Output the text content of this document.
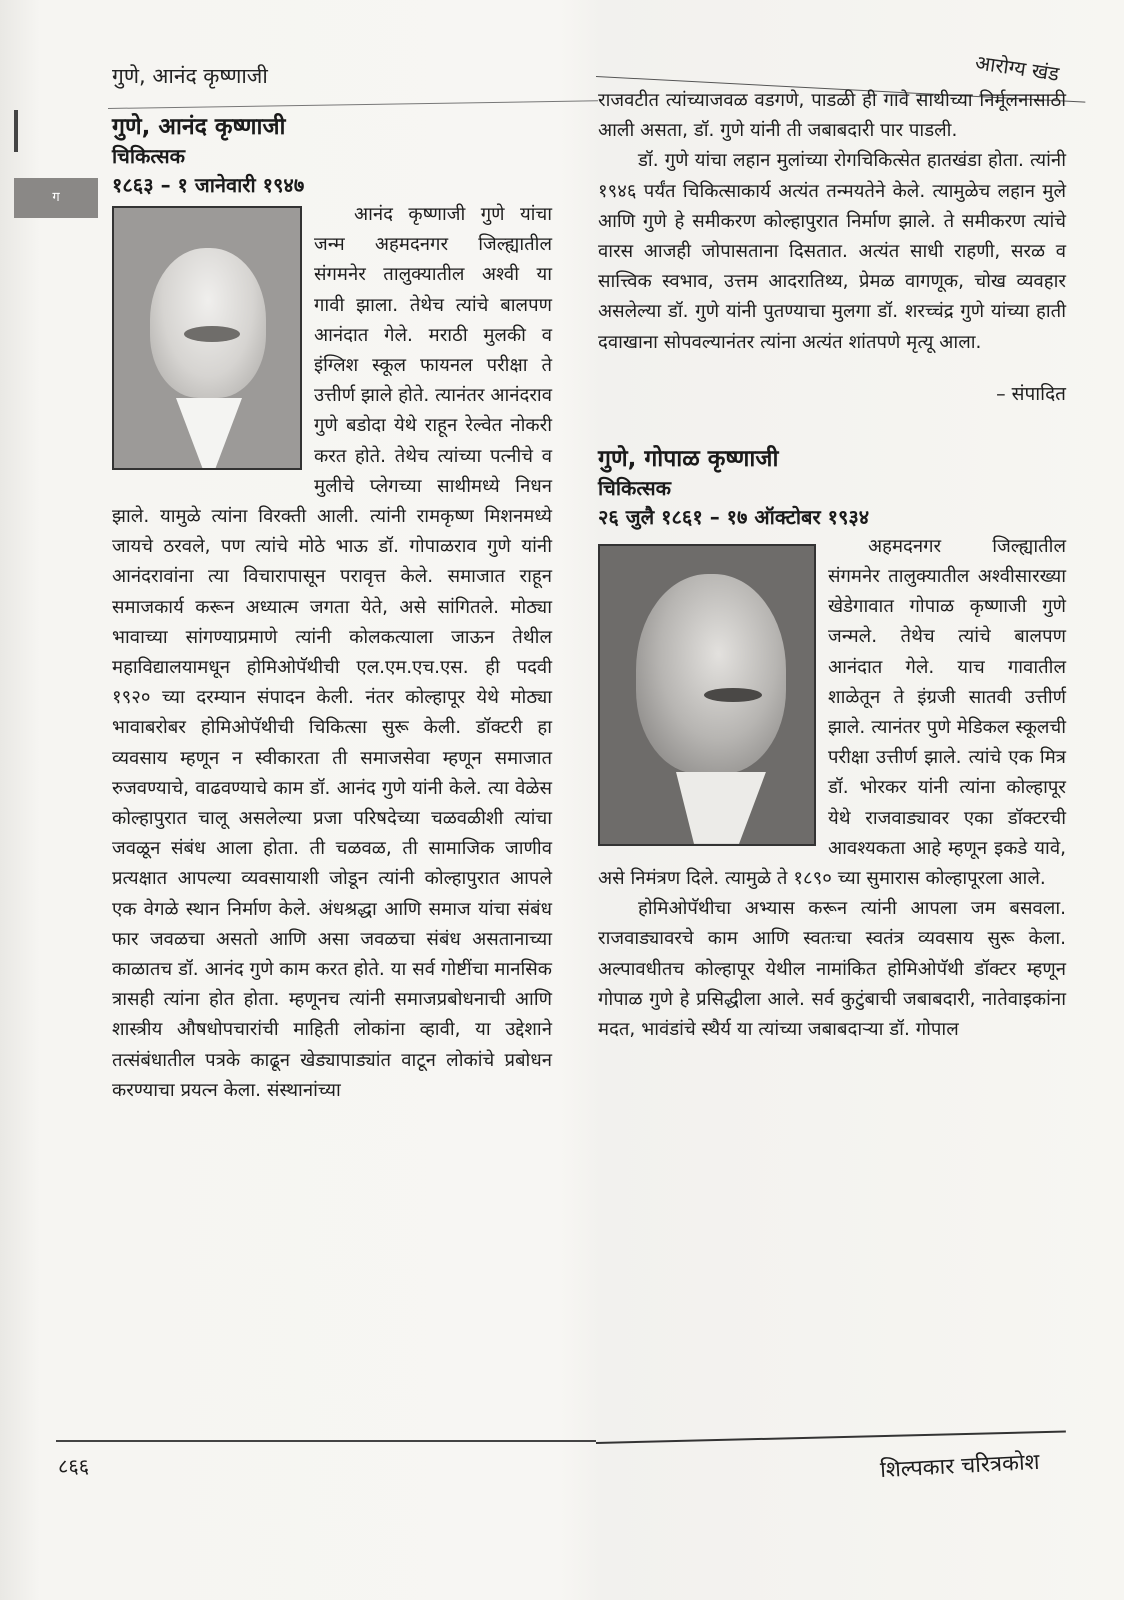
ग
गुणे, आनंद कृष्णाजी	आरोग्य खंड
गुणे, आनंद कृष्णाजी
चिकित्सक
१८६३ – १ जानेवारी १९४७

आनंद कृष्णाजी गुणे यांचा जन्म अहमदनगर जिल्ह्यातील संगमनेर तालुक्यातील अश्वी या गावी झाला. तेथेच त्यांचे बालपण आनंदात गेले. मराठी मुलकी व इंग्लिश स्कूल फायनल परीक्षा ते उत्तीर्ण झाले होते. त्यानंतर आनंदराव गुणे बडोदा येथे राहून रेल्वेत नोकरी करत होते. तेथेच त्यांच्या पत्नीचे व मुलीचे प्लेगच्या साथीमध्ये निधन झाले. यामुळे त्यांना विरक्ती आली. त्यांनी रामकृष्ण मिशनमध्ये जायचे ठरवले, पण त्यांचे मोठे भाऊ डॉ. गोपाळराव गुणे यांनी आनंदरावांना त्या विचारापासून परावृत्त केले. समाजात राहून समाजकार्य करून अध्यात्म जगता येते, असे सांगितले. मोठ्या भावाच्या सांगण्याप्रमाणे त्यांनी कोलकत्याला जाऊन तेथील महाविद्यालयामधून होमिओपॅथीची एल.एम.एच.एस. ही पदवी १९२० च्या दरम्यान संपादन केली. नंतर कोल्हापूर येथे मोठ्या भावाबरोबर होमिओपॅथीची चिकित्सा सुरू केली. डॉक्टरी हा व्यवसाय म्हणून न स्वीकारता ती समाजसेवा म्हणून समाजात रुजवण्याचे, वाढवण्याचे काम डॉ. आनंद गुणे यांनी केले. त्या वेळेस कोल्हापुरात चालू असलेल्या प्रजा परिषदेच्या चळवळीशी त्यांचा जवळून संबंध आला होता. ती चळवळ, ती सामाजिक जाणीव प्रत्यक्षात आपल्या व्यवसायाशी जोडून त्यांनी कोल्हापुरात आपले एक वेगळे स्थान निर्माण केले. अंधश्रद्धा आणि समाज यांचा संबंध फार जवळचा असतो आणि असा जवळचा संबंध असतानाच्या काळातच डॉ. आनंद गुणे काम करत होते. या सर्व गोष्टींचा मानसिक त्रासही त्यांना होत होता. म्हणूनच त्यांनी समाजप्रबोधनाची आणि शास्त्रीय औषधोपचारांची माहिती लोकांना व्हावी, या उद्देशाने तत्संबंधातील पत्रके काढून खेड्यापाड्यांत वाटून लोकांचे प्रबोधन करण्याचा प्रयत्न केला. संस्थानांच्या

राजवटीत त्यांच्याजवळ वडगणे, पाडळी ही गावे साथीच्या निर्मूलनासाठी आली असता, डॉ. गुणे यांनी ती जबाबदारी पार पाडली.

डॉ. गुणे यांचा लहान मुलांच्या रोगचिकित्सेत हातखंडा होता. त्यांनी १९४६ पर्यंत चिकित्साकार्य अत्यंत तन्मयतेने केले. त्यामुळेच लहान मुले आणि गुणे हे समीकरण कोल्हापुरात निर्माण झाले. ते समीकरण त्यांचे वारस आजही जोपासताना दिसतात. अत्यंत साधी राहणी, सरळ व सात्त्विक स्वभाव, उत्तम आदरातिथ्य, प्रेमळ वागणूक, चोख व्यवहार असलेल्या डॉ. गुणे यांनी पुतण्याचा मुलगा डॉ. शरच्चंद्र गुणे यांच्या हाती दवाखाना सोपवल्यानंतर त्यांना अत्यंत शांतपणे मृत्यू आला.

– संपादित
गुणे, गोपाळ कृष्णाजी
चिकित्सक
२६ जुलै १८६१ – १७ ऑक्टोबर १९३४

अहमदनगर जिल्ह्यातील संगमनेर तालुक्यातील अश्वीसारख्या खेडेगावात गोपाळ कृष्णाजी गुणे जन्मले. तेथेच त्यांचे बालपण आनंदात गेले. याच गावातील शाळेतून ते इंग्रजी सातवी उत्तीर्ण झाले. त्यानंतर पुणे मेडिकल स्कूलची परीक्षा उत्तीर्ण झाले. त्यांचे एक मित्र डॉ. भोरकर यांनी त्यांना कोल्हापूर येथे राजवाड्यावर एका डॉक्टरची आवश्यकता आहे म्हणून इकडे यावे, असे निमंत्रण दिले. त्यामुळे ते १८९० च्या सुमारास कोल्हापूरला आले.

होमिओपॅथीचा अभ्यास करून त्यांनी आपला जम बसवला. राजवाड्यावरचे काम आणि स्वतःचा स्वतंत्र व्यवसाय सुरू केला. अल्पावधीतच कोल्हापूर येथील नामांकित होमिओपॅथी डॉक्टर म्हणून गोपाळ गुणे हे प्रसिद्धीला आले. सर्व कुटुंबाची जबाबदारी, नातेवाइकांना मदत, भावंडांचे स्थैर्य या त्यांच्या जबाबदाऱ्या डॉ. गोपाल

८६६	शिल्पकार चरित्रकोश
